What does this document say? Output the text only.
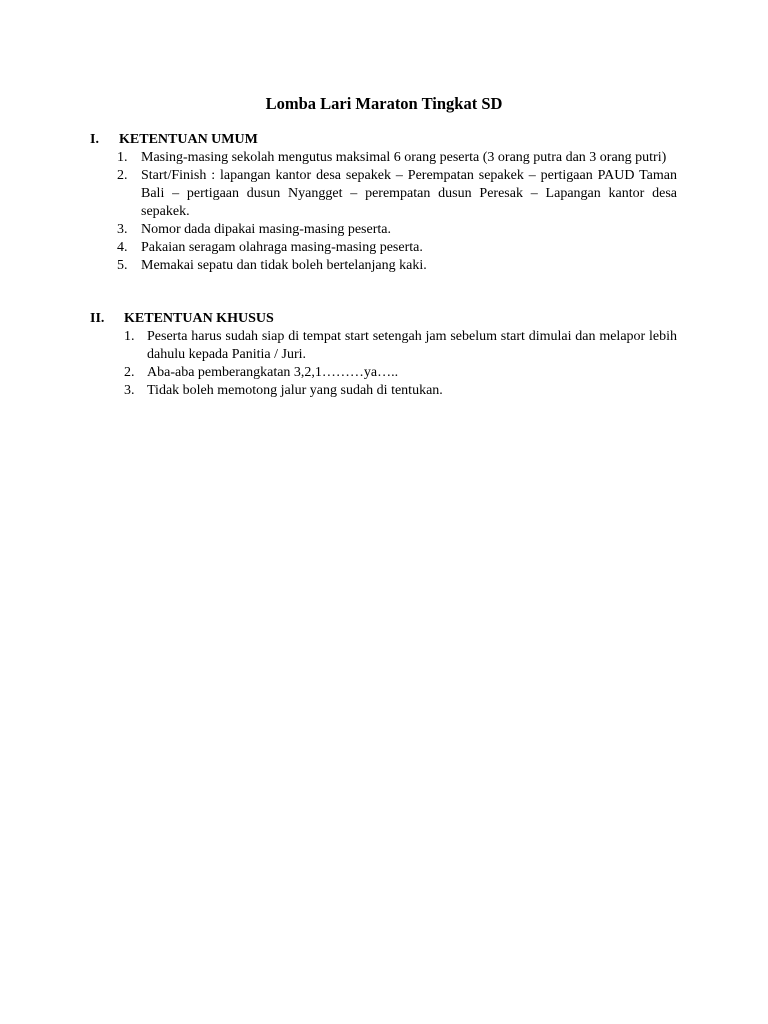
Lomba Lari Maraton Tingkat SD
I. KETENTUAN UMUM
1. Masing-masing sekolah mengutus maksimal 6 orang peserta (3 orang putra dan 3 orang putri)
2. Start/Finish : lapangan kantor desa sepakek – Perempatan sepakek – pertigaan PAUD Taman Bali – pertigaan dusun Nyangget – perempatan dusun Peresak – Lapangan kantor desa sepakek.
3. Nomor dada dipakai masing-masing peserta.
4. Pakaian seragam olahraga masing-masing peserta.
5. Memakai sepatu dan tidak boleh bertelanjang kaki.
II. KETENTUAN KHUSUS
1. Peserta harus sudah siap di tempat start setengah jam sebelum start dimulai dan melapor lebih dahulu kepada Panitia / Juri.
2. Aba-aba pemberangkatan 3,2,1………ya…..
3. Tidak boleh memotong jalur yang sudah di tentukan.
